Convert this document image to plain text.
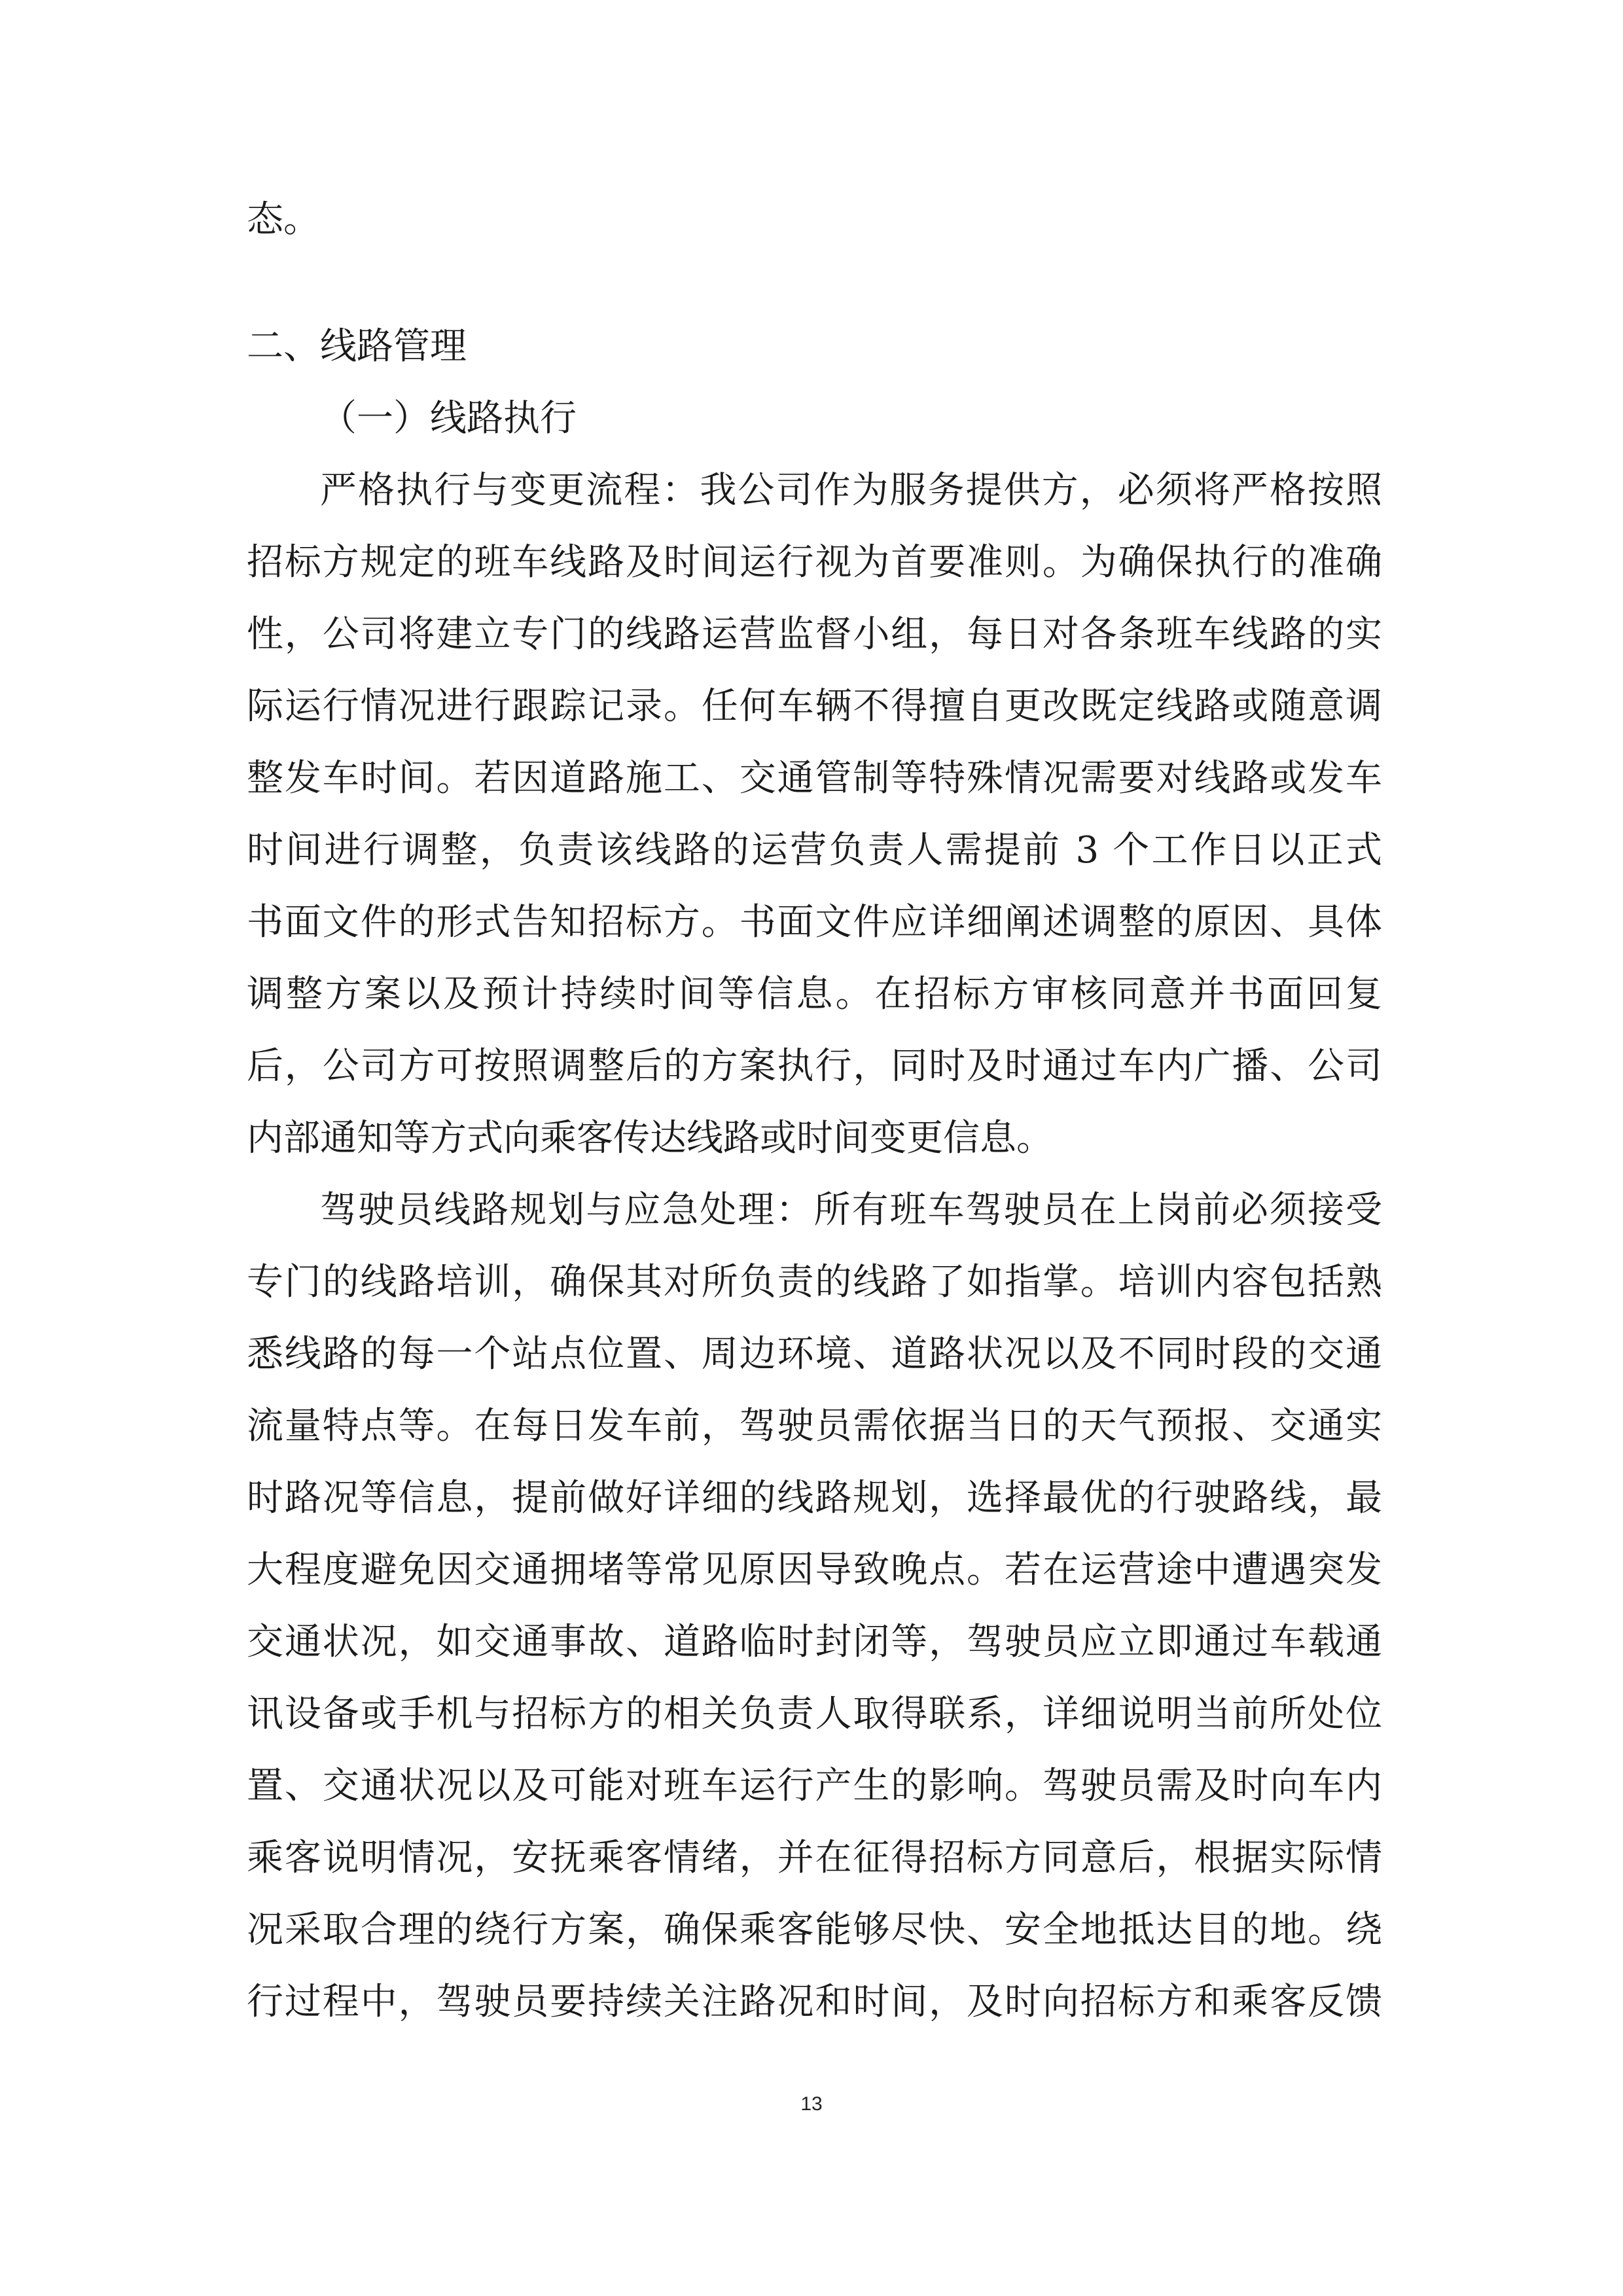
态。
二、线路管理
（一）线路执行
严格执行与变更流程：我公司作为服务提供方，必须将严格按照
招标方规定的班车线路及时间运行视为首要准则。为确保执行的准确
性，公司将建立专门的线路运营监督小组，每日对各条班车线路的实
际运行情况进行跟踪记录。任何车辆不得擅自更改既定线路或随意调
整发车时间。若因道路施工、交通管制等特殊情况需要对线路或发车
时间进行调整，负责该线路的运营负责人需提前 3 个工作日以正式
书面文件的形式告知招标方。书面文件应详细阐述调整的原因、具体
调整方案以及预计持续时间等信息。在招标方审核同意并书面回复
后，公司方可按照调整后的方案执行，同时及时通过车内广播、公司
内部通知等方式向乘客传达线路或时间变更信息。
驾驶员线路规划与应急处理：所有班车驾驶员在上岗前必须接受
专门的线路培训，确保其对所负责的线路了如指掌。培训内容包括熟
悉线路的每一个站点位置、周边环境、道路状况以及不同时段的交通
流量特点等。在每日发车前，驾驶员需依据当日的天气预报、交通实
时路况等信息，提前做好详细的线路规划，选择最优的行驶路线，最
大程度避免因交通拥堵等常见原因导致晚点。若在运营途中遭遇突发
交通状况，如交通事故、道路临时封闭等，驾驶员应立即通过车载通
讯设备或手机与招标方的相关负责人取得联系，详细说明当前所处位
置、交通状况以及可能对班车运行产生的影响。驾驶员需及时向车内
乘客说明情况，安抚乘客情绪，并在征得招标方同意后，根据实际情
况采取合理的绕行方案，确保乘客能够尽快、安全地抵达目的地。绕
行过程中，驾驶员要持续关注路况和时间，及时向招标方和乘客反馈
13
